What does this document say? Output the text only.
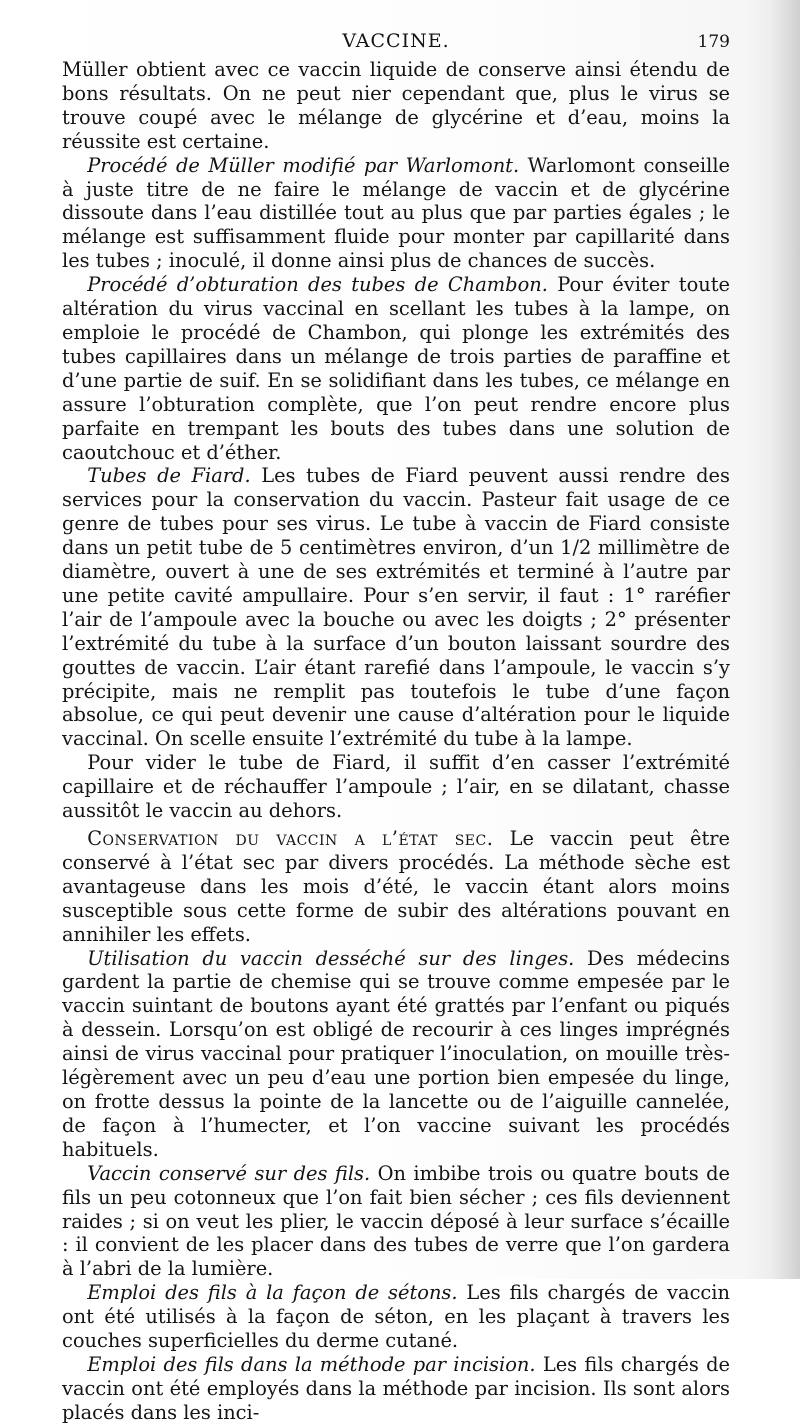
VACCINE.	179

Müller obtient avec ce vaccin liquide de conserve ainsi étendu de bons résultats. On ne peut nier cependant que, plus le virus se trouve coupé avec le mélange de glycérine et d’eau, moins la réussite est certaine.

Procédé de Müller modifié par Warlomont. Warlomont conseille à juste titre de ne faire le mélange de vaccin et de glycérine dissoute dans l’eau distillée tout au plus que par parties égales ; le mélange est suffisamment fluide pour monter par capillarité dans les tubes ; inoculé, il donne ainsi plus de chances de succès.

Procédé d’obturation des tubes de Chambon. Pour éviter toute altération du virus vaccinal en scellant les tubes à la lampe, on emploie le procédé de Chambon, qui plonge les extrémités des tubes capillaires dans un mélange de trois parties de paraffine et d’une partie de suif. En se solidifiant dans les tubes, ce mélange en assure l’obturation complète, que l’on peut rendre encore plus parfaite en trempant les bouts des tubes dans une solution de caoutchouc et d’éther.

Tubes de Fiard. Les tubes de Fiard peuvent aussi rendre des services pour la conservation du vaccin. Pasteur fait usage de ce genre de tubes pour ses virus. Le tube à vaccin de Fiard consiste dans un petit tube de 5 centimètres environ, d’un 1/2 millimètre de diamètre, ouvert à une de ses extrémités et terminé à l’autre par une petite cavité ampullaire. Pour s’en servir, il faut : 1° raréfier l’air de l’ampoule avec la bouche ou avec les doigts ; 2° présenter l’extrémité du tube à la surface d’un bouton laissant sourdre des gouttes de vaccin. L’air étant rarefié dans l’ampoule, le vaccin s’y précipite, mais ne remplit pas toutefois le tube d’une façon absolue, ce qui peut devenir une cause d’altération pour le liquide vaccinal. On scelle ensuite l’extrémité du tube à la lampe.

Pour vider le tube de Fiard, il suffit d’en casser l’extrémité capillaire et de réchauffer l’ampoule ; l’air, en se dilatant, chasse aussitôt le vaccin au dehors.

Conservation du vaccin a l’état sec. Le vaccin peut être conservé à l’état sec par divers procédés. La méthode sèche est avantageuse dans les mois d’été, le vaccin étant alors moins susceptible sous cette forme de subir des altérations pouvant en annihiler les effets.

Utilisation du vaccin desséché sur des linges. Des médecins gardent la partie de chemise qui se trouve comme empesée par le vaccin suintant de boutons ayant été grattés par l’enfant ou piqués à dessein. Lorsqu’on est obligé de recourir à ces linges imprégnés ainsi de virus vaccinal pour pratiquer l’inoculation, on mouille très-légèrement avec un peu d’eau une portion bien empesée du linge, on frotte dessus la pointe de la lancette ou de l’aiguille cannelée, de façon à l’humecter, et l’on vaccine suivant les procédés habituels.

Vaccin conservé sur des fils. On imbibe trois ou quatre bouts de fils un peu cotonneux que l’on fait bien sécher ; ces fils deviennent raides ; si on veut les plier, le vaccin déposé à leur surface s’écaille : il convient de les placer dans des tubes de verre que l’on gardera à l’abri de la lumière.

Emploi des fils à la façon de sétons. Les fils chargés de vaccin ont été utilisés à la façon de séton, en les plaçant à travers les couches superficielles du derme cutané.

Emploi des fils dans la méthode par incision. Les fils chargés de vaccin ont été employés dans la méthode par incision. Ils sont alors placés dans les inci-
